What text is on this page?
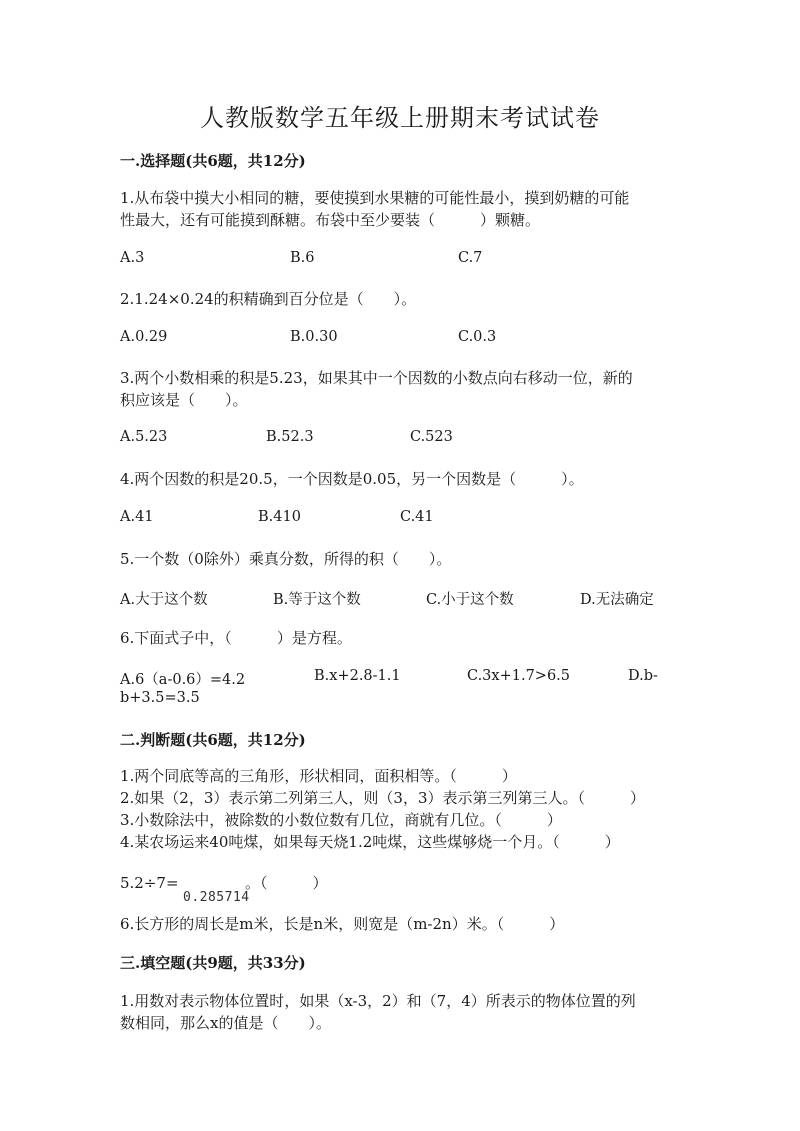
人教版数学五年级上册期末考试试卷
一.选择题(共6题，共12分)
1.从布袋中摸大小相同的糖，要使摸到水果糖的可能性最小，摸到奶糖的可能
性最大，还有可能摸到酥糖。布袋中至少要装（　　　）颗糖。
A.3	B.6	C.7
2.1.24×0.24的积精确到百分位是（　　）。
A.0.29	B.0.30	C.0.3
3.两个小数相乘的积是5.23，如果其中一个因数的小数点向右移动一位，新的
积应该是（　　）。
A.5.23	B.52.3	C.523
4.两个因数的积是20.5，一个因数是0.05，另一个因数是（　　　）。
A.41	B.410	C.41
5.一个数（0除外）乘真分数，所得的积（　　）。
A.大于这个数	B.等于这个数	C.小于这个数	D.无法确定
6.下面式子中，（　　　）是方程。
A.6（a-0.6）=4.2	B.x+2.8-1.1	C.3x+1.7>6.5	D.b-
b+3.5=3.5
二.判断题(共6题，共12分)
1.两个同底等高的三角形，形状相同，面积相等。（　　　）
2.如果（2，3）表示第二列第三人，则（3，3）表示第三列第三人。（　　　）
3.小数除法中，被除数的小数位数有几位，商就有几位。（　　　）
4.某农场运来40吨煤，如果每天烧1.2吨煤，这些煤够烧一个月。（　　　）
5.2÷7=	。（　　　）
0.285714
6.长方形的周长是m米，长是n米，则宽是（m-2n）米。（　　　）
三.填空题(共9题，共33分)
1.用数对表示物体位置时，如果（x-3，2）和（7，4）所表示的物体位置的列
数相同，那么x的值是（　　）。
